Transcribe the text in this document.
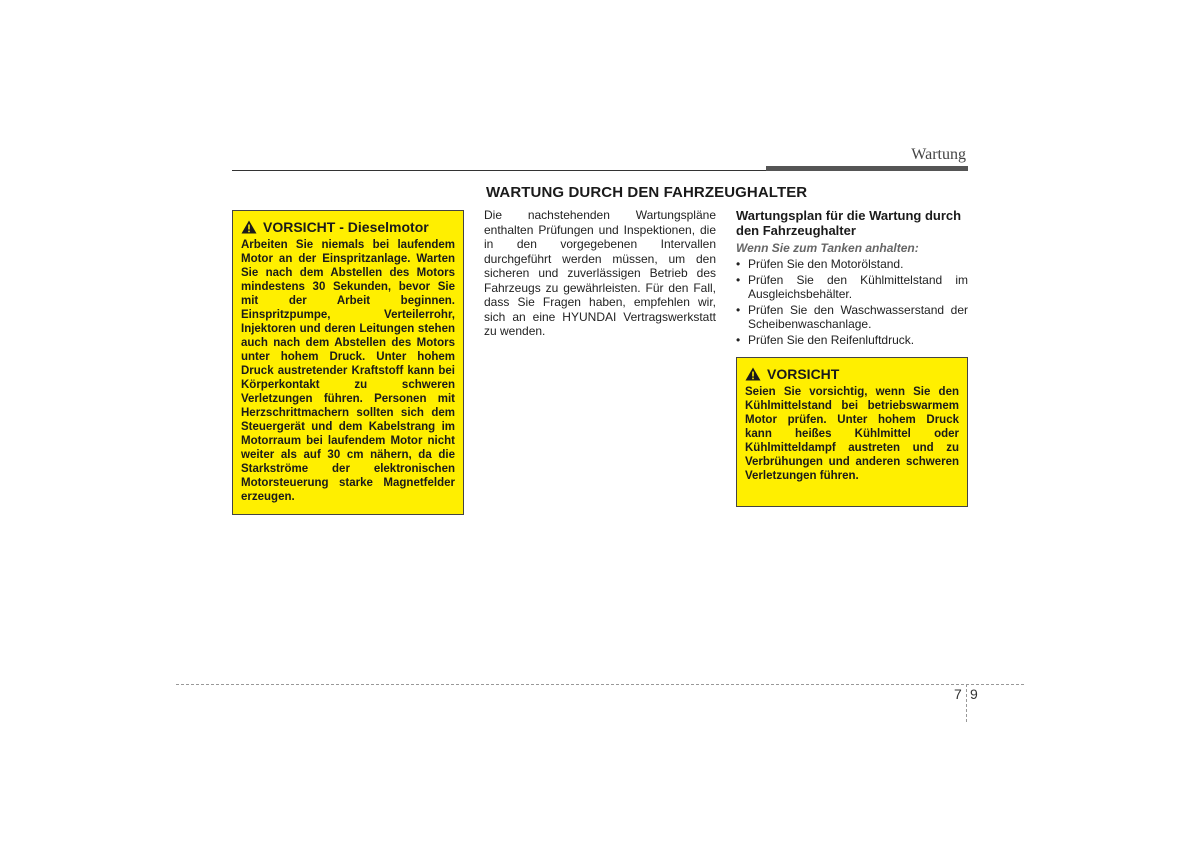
Wartung
WARTUNG DURCH DEN FAHRZEUGHALTER
VORSICHT - Dieselmotor
Arbeiten Sie niemals bei laufendem Motor an der Einspritzanlage. Warten Sie nach dem Abstellen des Motors mindestens 30 Sekunden, bevor Sie mit der Arbeit beginnen. Einspritzpumpe, Verteilerrohr, Injektoren und deren Leitungen stehen auch nach dem Abstellen des Motors unter hohem Druck. Unter hohem Druck austretender Kraftstoff kann bei Körperkontakt zu schweren Verletzungen führen. Personen mit Herzschrittmachern sollten sich dem Steuergerät und dem Kabelstrang im Motorraum bei laufendem Motor nicht weiter als auf 30 cm nähern, da die Starkströme der elektronischen Motorsteuerung starke Magnetfelder erzeugen.
Die nachstehenden Wartungspläne enthalten Prüfungen und Inspektionen, die in den vorgegebenen Intervallen durchgeführt werden müssen, um den sicheren und zuverlässigen Betrieb des Fahrzeugs zu gewährleisten. Für den Fall, dass Sie Fragen haben, empfehlen wir, sich an eine HYUNDAI Vertragswerkstatt zu wenden.
Wartungsplan für die Wartung durch den Fahrzeughalter
Wenn Sie zum Tanken anhalten:
• Prüfen Sie den Motorölstand.
• Prüfen Sie den Kühlmittelstand im Ausgleichsbehälter.
• Prüfen Sie den Waschwasserstand der Scheibenwaschanlage.
• Prüfen Sie den Reifenluftdruck.
VORSICHT
Seien Sie vorsichtig, wenn Sie den Kühlmittelstand bei betriebswarmem Motor prüfen. Unter hohem Druck kann heißes Kühlmittel oder Kühlmitteldampf austreten und zu Verbrühungen und anderen schweren Verletzungen führen.
7 9
